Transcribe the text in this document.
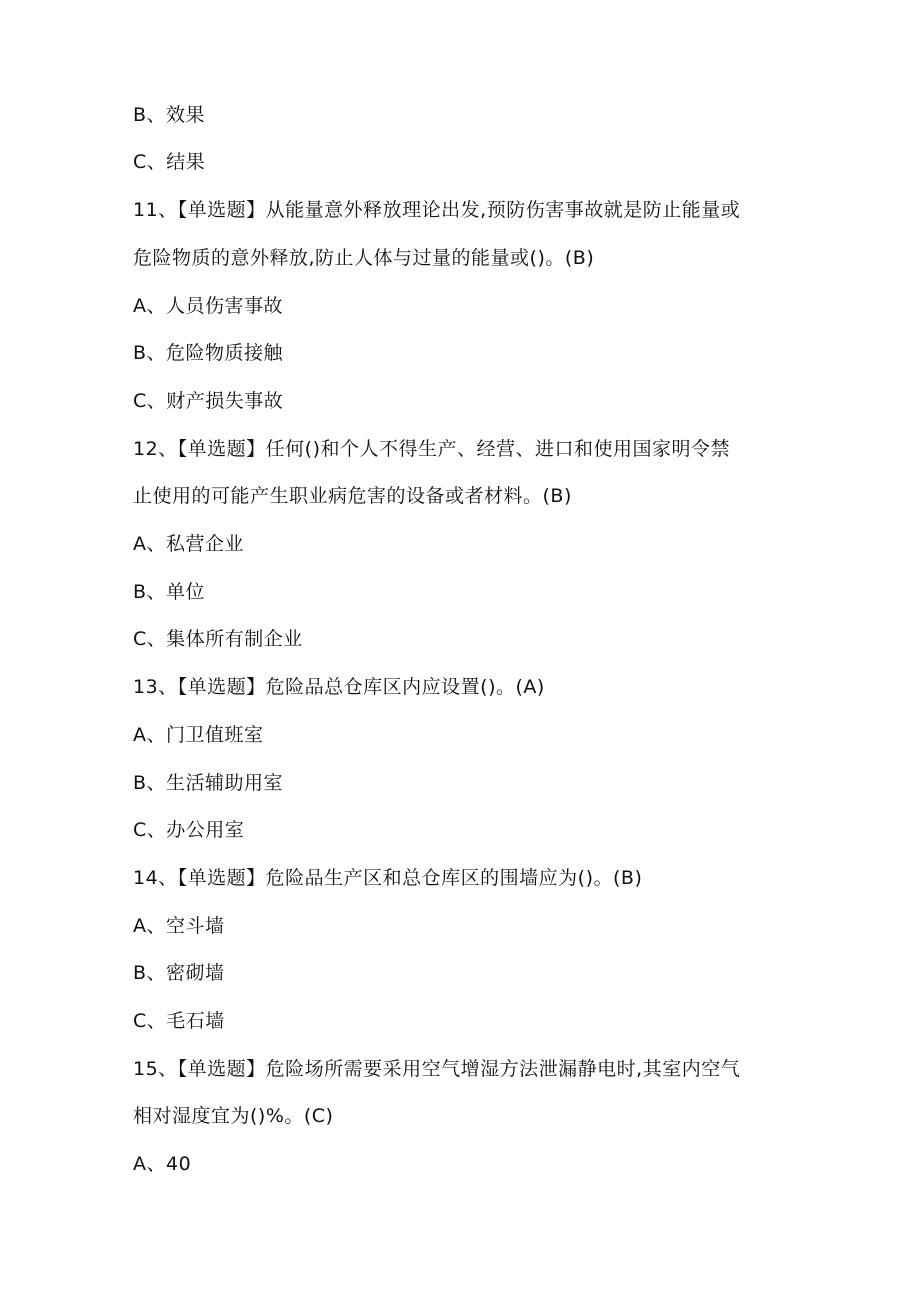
B、效果
C、结果
11、【单选题】从能量意外释放理论出发,预防伤害事故就是防止能量或
危险物质的意外释放,防止人体与过量的能量或()。(B)
A、人员伤害事故
B、危险物质接触
C、财产损失事故
12、【单选题】任何()和个人不得生产、经营、进口和使用国家明令禁
止使用的可能产生职业病危害的设备或者材料。(B)
A、私营企业
B、单位
C、集体所有制企业
13、【单选题】危险品总仓库区内应设置()。(A)
A、门卫值班室
B、生活辅助用室
C、办公用室
14、【单选题】危险品生产区和总仓库区的围墙应为()。(B)
A、空斗墙
B、密砌墙
C、毛石墙
15、【单选题】危险场所需要采用空气增湿方法泄漏静电时,其室内空气
相对湿度宜为()%。(C)
A、40
